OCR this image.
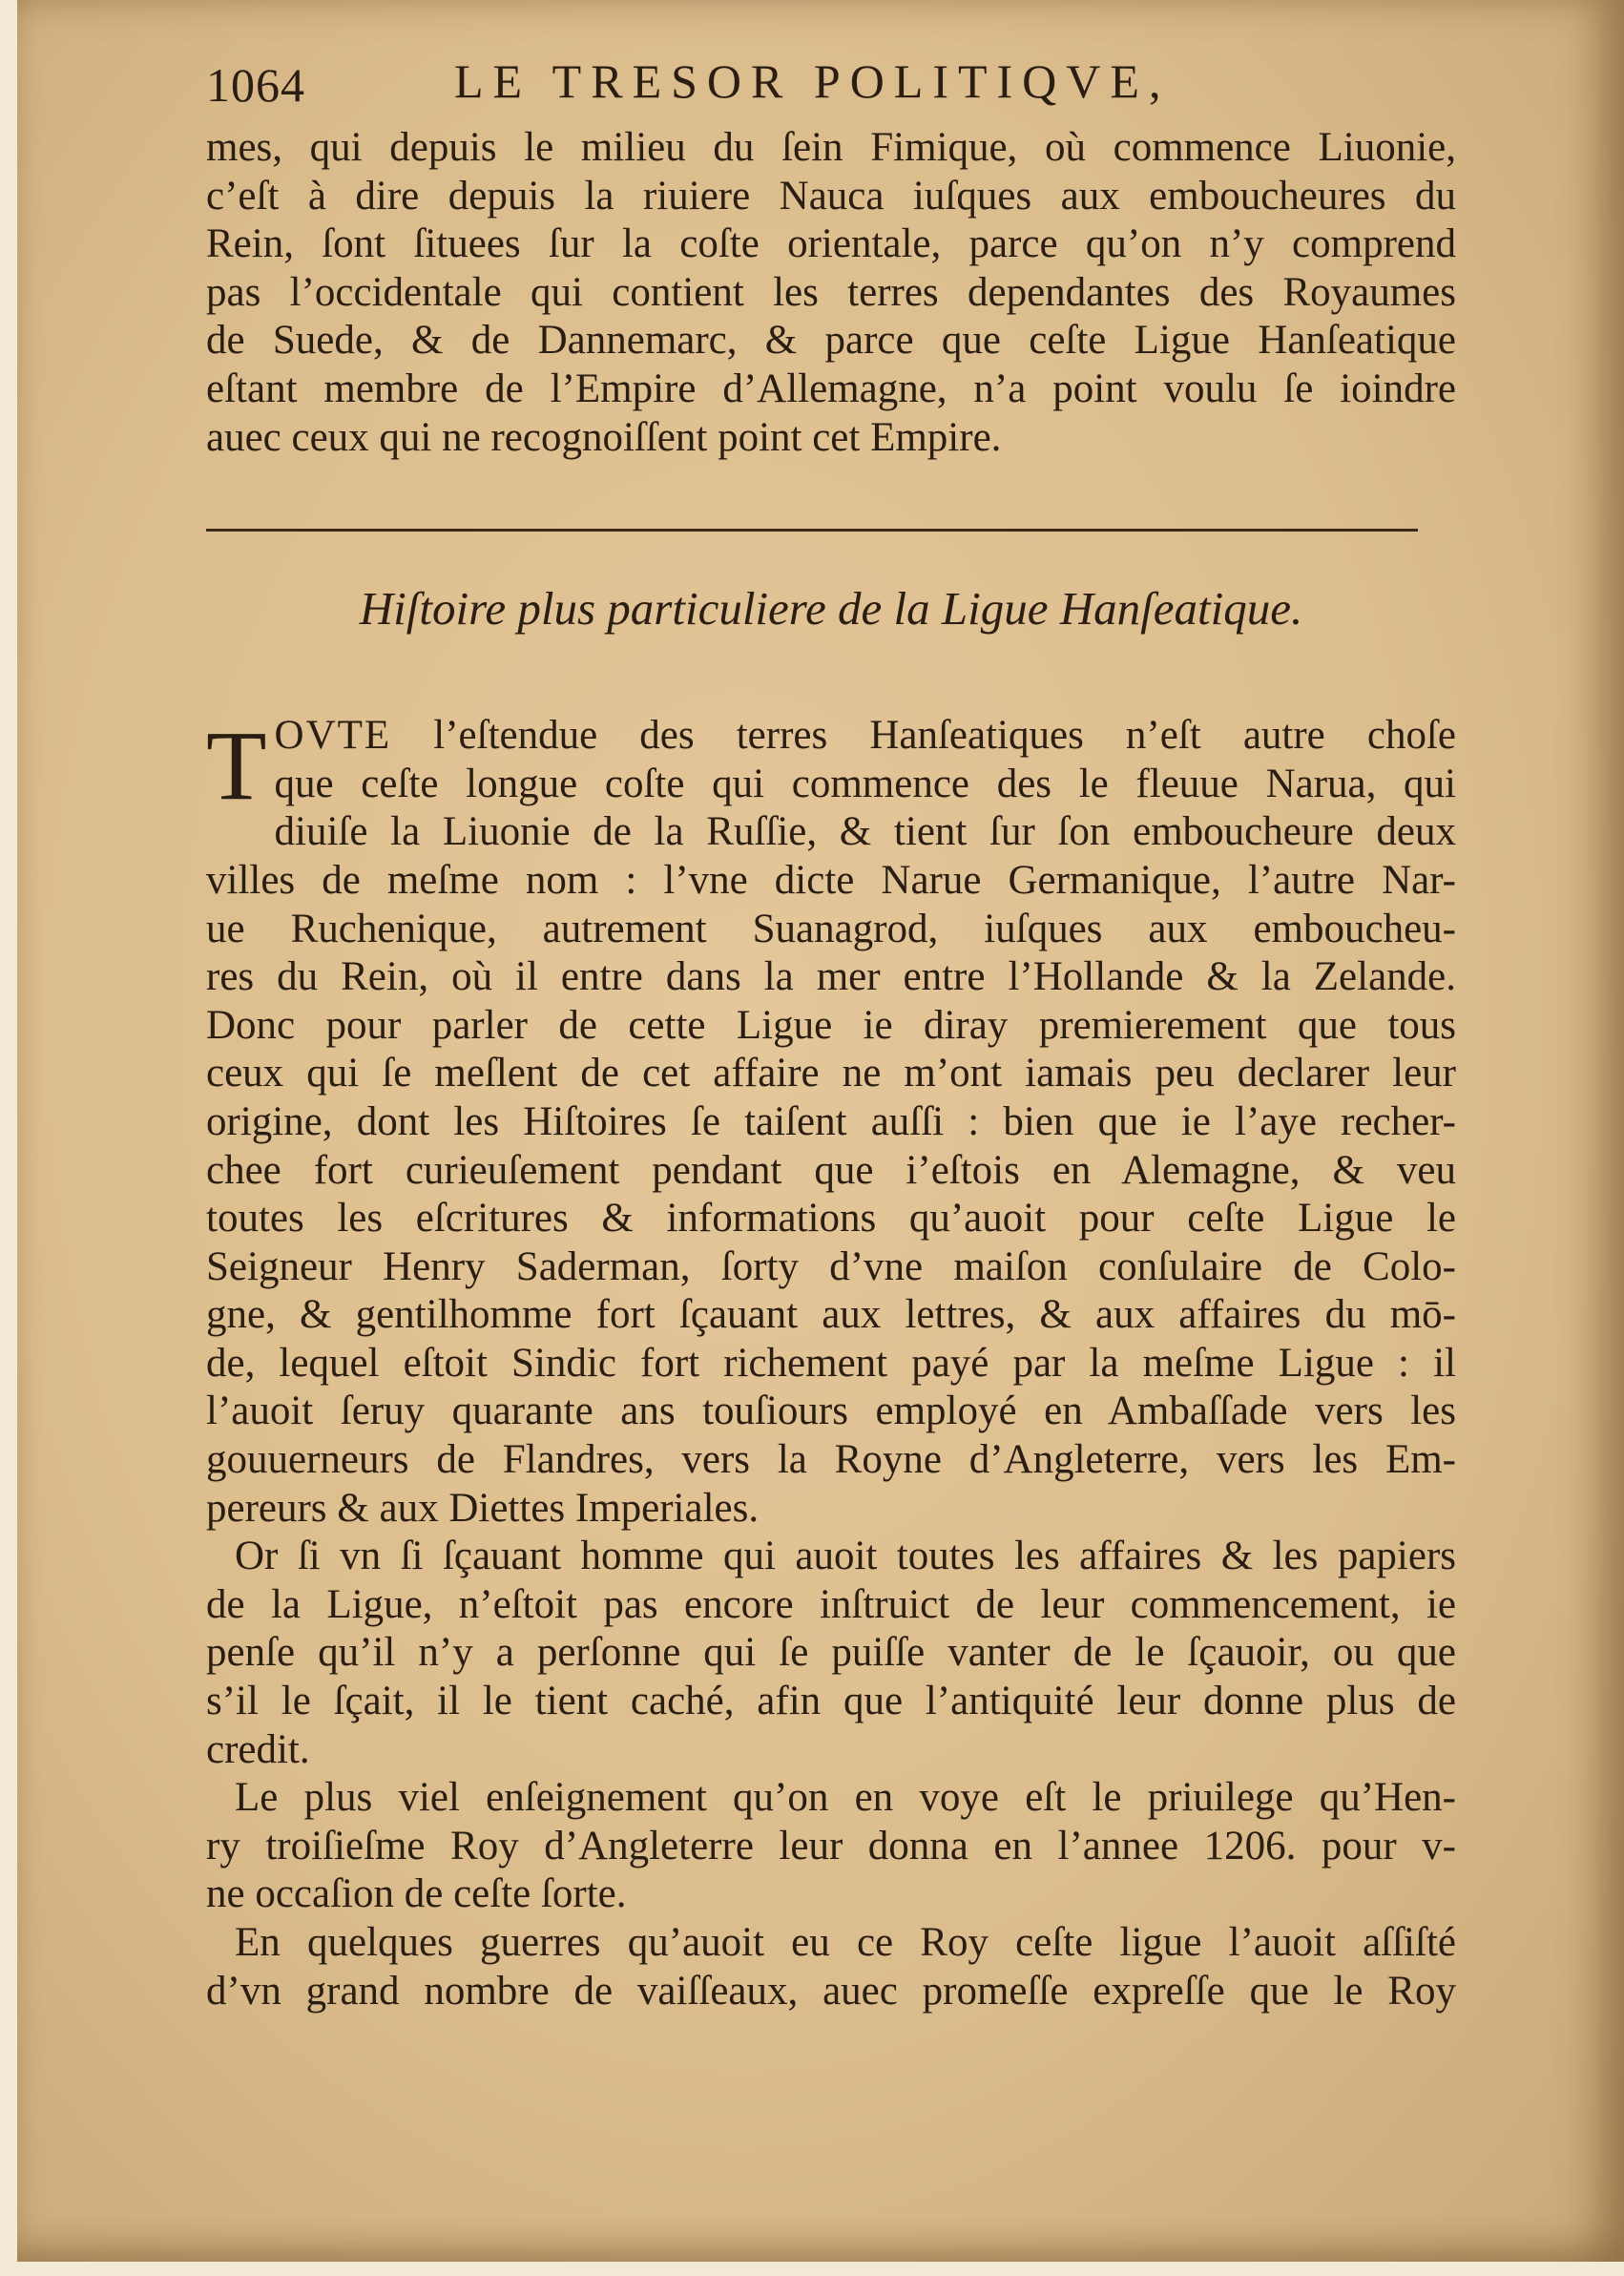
1064	LE TRESOR POLITIQVE,
mes, qui depuis le milieu du ſein Fimique, où commence Liuonie,
c’eſt à dire depuis la riuiere Nauca iuſques aux emboucheures du
Rein, ſont ſituees ſur la coſte orientale, parce qu’on n’y comprend
pas l’occidentale qui contient les terres dependantes des Royaumes
de Suede, & de Dannemarc, & parce que ceſte Ligue Hanſeatique
eſtant membre de l’Empire d’Allemagne, n’a point voulu ſe ioindre
auec ceux qui ne recognoiſſent point cet Empire.
Hiſtoire plus particuliere de la Ligue Hanſeatique.
T OVTE l’eſtendue des terres Hanſeatiques n’eſt autre choſe
que ceſte longue coſte qui commence des le fleuue Narua, qui
diuiſe la Liuonie de la Ruſſie, & tient ſur ſon emboucheure deux
villes de meſme nom : l’vne dicte Narue Germanique, l’autre Nar-
ue Ruchenique, autrement Suanagrod, iuſques aux emboucheu-
res du Rein, où il entre dans la mer entre l’Hollande & la Zelande.
Donc pour parler de cette Ligue ie diray premierement que tous
ceux qui ſe meſlent de cet affaire ne m’ont iamais peu declarer leur
origine, dont les Hiſtoires ſe taiſent auſſi : bien que ie l’aye recher-
chee fort curieuſement pendant que i’eſtois en Alemagne, & veu
toutes les eſcritures & informations qu’auoit pour ceſte Ligue le
Seigneur Henry Saderman, ſorty d’vne maiſon conſulaire de Colo-
gne, & gentilhomme fort ſçauant aux lettres, & aux affaires du mō-
de, lequel eſtoit Sindic fort richement payé par la meſme Ligue : il
l’auoit ſeruy quarante ans touſiours employé en Ambaſſade vers les
gouuerneurs de Flandres, vers la Royne d’Angleterre, vers les Em-
pereurs & aux Diettes Imperiales.
Or ſi vn ſi ſçauant homme qui auoit toutes les affaires & les papiers
de la Ligue, n’eſtoit pas encore inſtruict de leur commencement, ie
penſe qu’il n’y a perſonne qui ſe puiſſe vanter de le ſçauoir, ou que
s’il le ſçait, il le tient caché, afin que l’antiquité leur donne plus de
credit.
Le plus viel enſeignement qu’on en voye eſt le priuilege qu’Hen-
ry troiſieſme Roy d’Angleterre leur donna en l’annee 1206. pour v-
ne occaſion de ceſte ſorte.
En quelques guerres qu’auoit eu ce Roy ceſte ligue l’auoit aſſiſté
d’vn grand nombre de vaiſſeaux, auec promeſſe expreſſe que le Roy
